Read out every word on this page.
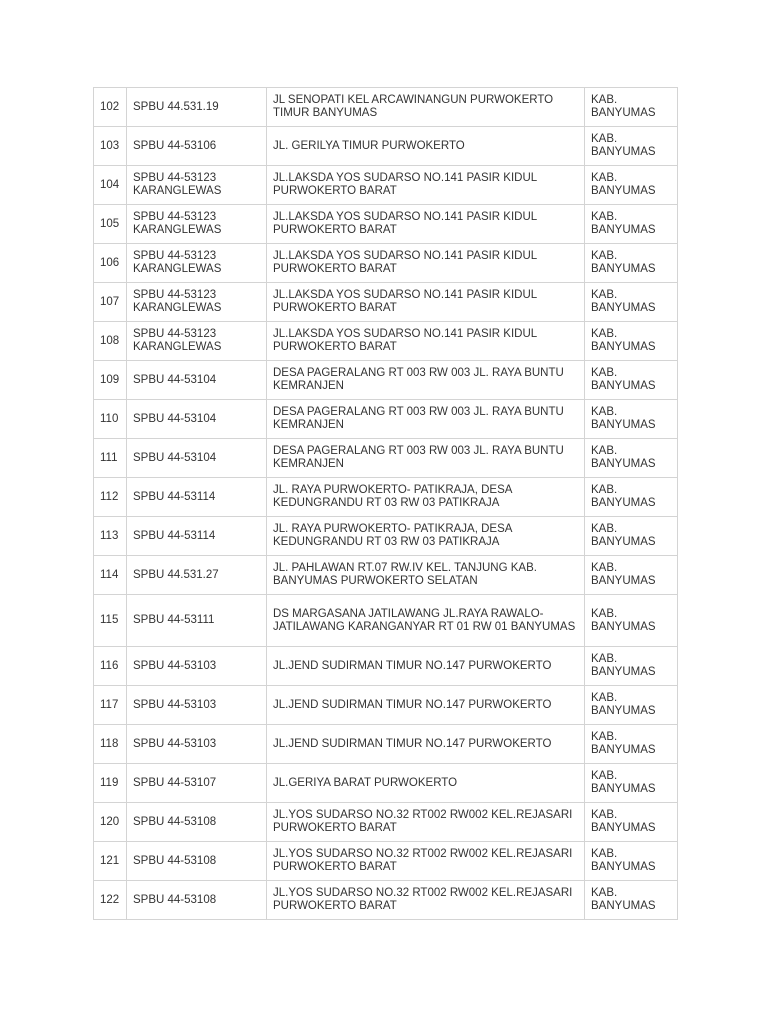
102	SPBU 44.531.19	JL SENOPATI KEL ARCAWINANGUN PURWOKERTO TIMUR BANYUMAS	KAB. BANYUMAS
103	SPBU 44-53106	JL. GERILYA TIMUR PURWOKERTO	KAB. BANYUMAS
104	SPBU 44-53123 KARANGLEWAS	JL.LAKSDA YOS SUDARSO NO.141 PASIR KIDUL PURWOKERTO BARAT	KAB. BANYUMAS
105	SPBU 44-53123 KARANGLEWAS	JL.LAKSDA YOS SUDARSO NO.141 PASIR KIDUL PURWOKERTO BARAT	KAB. BANYUMAS
106	SPBU 44-53123 KARANGLEWAS	JL.LAKSDA YOS SUDARSO NO.141 PASIR KIDUL PURWOKERTO BARAT	KAB. BANYUMAS
107	SPBU 44-53123 KARANGLEWAS	JL.LAKSDA YOS SUDARSO NO.141 PASIR KIDUL PURWOKERTO BARAT	KAB. BANYUMAS
108	SPBU 44-53123 KARANGLEWAS	JL.LAKSDA YOS SUDARSO NO.141 PASIR KIDUL PURWOKERTO BARAT	KAB. BANYUMAS
109	SPBU 44-53104	DESA PAGERALANG RT 003 RW 003 JL. RAYA BUNTU KEMRANJEN	KAB. BANYUMAS
110	SPBU 44-53104	DESA PAGERALANG RT 003 RW 003 JL. RAYA BUNTU KEMRANJEN	KAB. BANYUMAS
111	SPBU 44-53104	DESA PAGERALANG RT 003 RW 003 JL. RAYA BUNTU KEMRANJEN	KAB. BANYUMAS
112	SPBU 44-53114	JL. RAYA PURWOKERTO- PATIKRAJA, DESA KEDUNGRANDU RT 03 RW 03 PATIKRAJA	KAB. BANYUMAS
113	SPBU 44-53114	JL. RAYA PURWOKERTO- PATIKRAJA, DESA KEDUNGRANDU RT 03 RW 03 PATIKRAJA	KAB. BANYUMAS
114	SPBU 44.531.27	JL. PAHLAWAN RT.07 RW.IV KEL. TANJUNG KAB. BANYUMAS PURWOKERTO SELATAN	KAB. BANYUMAS
115	SPBU 44-53111	DS MARGASANA JATILAWANG JL.RAYA RAWALO-JATILAWANG KARANGANYAR RT 01 RW 01 BANYUMAS	KAB. BANYUMAS
116	SPBU 44-53103	JL.JEND SUDIRMAN TIMUR NO.147 PURWOKERTO	KAB. BANYUMAS
117	SPBU 44-53103	JL.JEND SUDIRMAN TIMUR NO.147 PURWOKERTO	KAB. BANYUMAS
118	SPBU 44-53103	JL.JEND SUDIRMAN TIMUR NO.147 PURWOKERTO	KAB. BANYUMAS
119	SPBU 44-53107	JL.GERIYA BARAT PURWOKERTO	KAB. BANYUMAS
120	SPBU 44-53108	JL.YOS SUDARSO NO.32 RT002 RW002 KEL.REJASARI PURWOKERTO BARAT	KAB. BANYUMAS
121	SPBU 44-53108	JL.YOS SUDARSO NO.32 RT002 RW002 KEL.REJASARI PURWOKERTO BARAT	KAB. BANYUMAS
122	SPBU 44-53108	JL.YOS SUDARSO NO.32 RT002 RW002 KEL.REJASARI PURWOKERTO BARAT	KAB. BANYUMAS
